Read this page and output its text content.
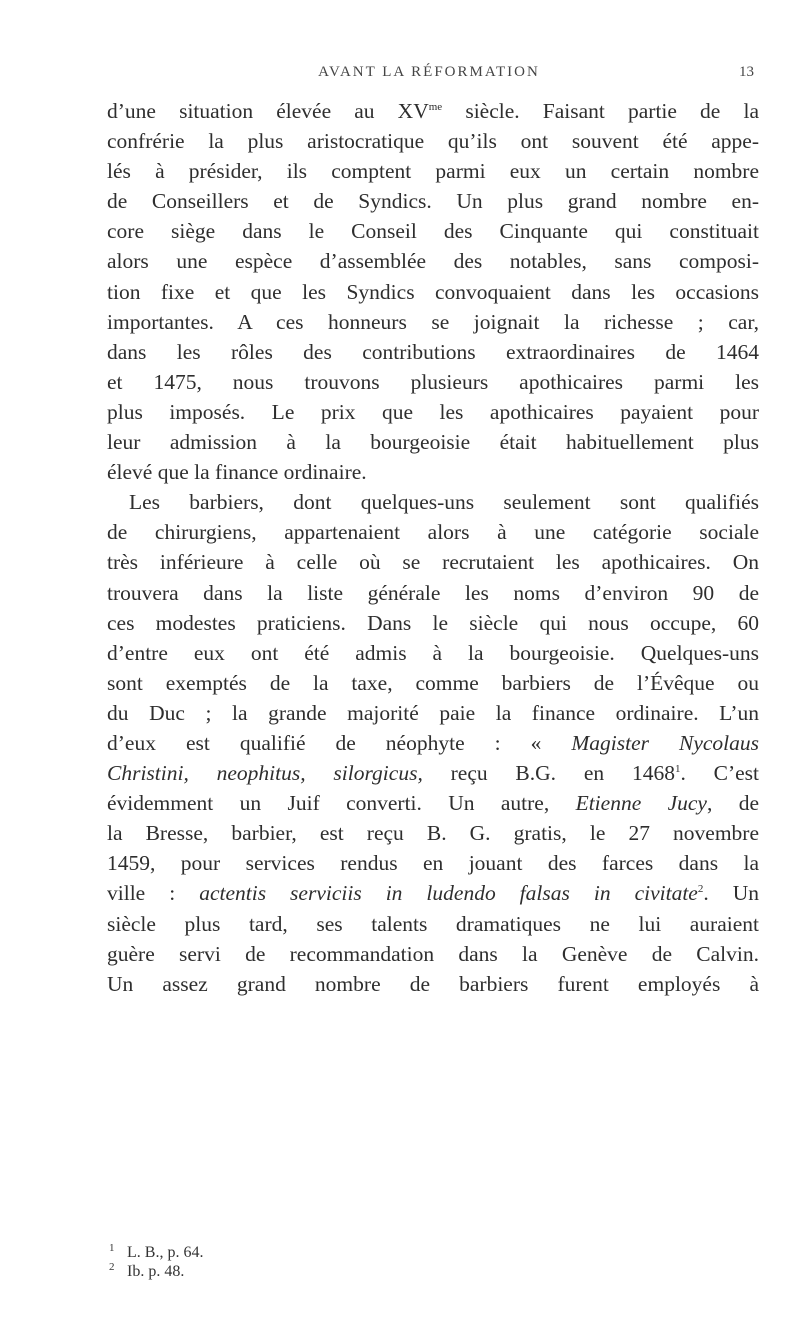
AVANT LA RÉFORMATION	13
d’une situation élevée au $XV^{me}$ siècle. Faisant partie de la
confrérie la plus aristocratique qu’ils ont souvent été appe-
lés à présider, ils comptent parmi eux un certain nombre
de Conseillers et de Syndics. Un plus grand nombre en-
core siège dans le Conseil des Cinquante qui constituait
alors une espèce d’assemblée des notables, sans composi-
tion fixe et que les Syndics convoquaient dans les occasions
importantes. A ces honneurs se joignait la richesse ; car,
dans les rôles des contributions extraordinaires de 1464
et 1475, nous trouvons plusieurs apothicaires parmi les
plus imposés. Le prix que les apothicaires payaient pour
leur admission à la bourgeoisie était habituellement plus
élevé que la finance ordinaire.
Les barbiers, dont quelques-uns seulement sont qualifiés
de chirurgiens, appartenaient alors à une catégorie sociale
très inférieure à celle où se recrutaient les apothicaires. On
trouvera dans la liste générale les noms d’environ 90 de
ces modestes praticiens. Dans le siècle qui nous occupe, 60
d’entre eux ont été admis à la bourgeoisie. Quelques-uns
sont exemptés de la taxe, comme barbiers de l’Évêque ou
du Duc ; la grande majorité paie la finance ordinaire. L’un
d’eux est qualifié de néophyte : « Magister Nycolaus
Christini, neophitus, silorgicus, reçu B.G. en 1468$^1$. C’est
évidemment un Juif converti. Un autre, Etienne Jucy, de
la Bresse, barbier, est reçu B. G. gratis, le 27 novembre
1459, pour services rendus en jouant des farces dans la
ville : actentis serviciis in ludendo falsas in civitate$^2$. Un
siècle plus tard, ses talents dramatiques ne lui auraient
guère servi de recommandation dans la Genève de Calvin.
Un assez grand nombre de barbiers furent employés à
1 L. B., p. 64.
2 Ib. p. 48.
